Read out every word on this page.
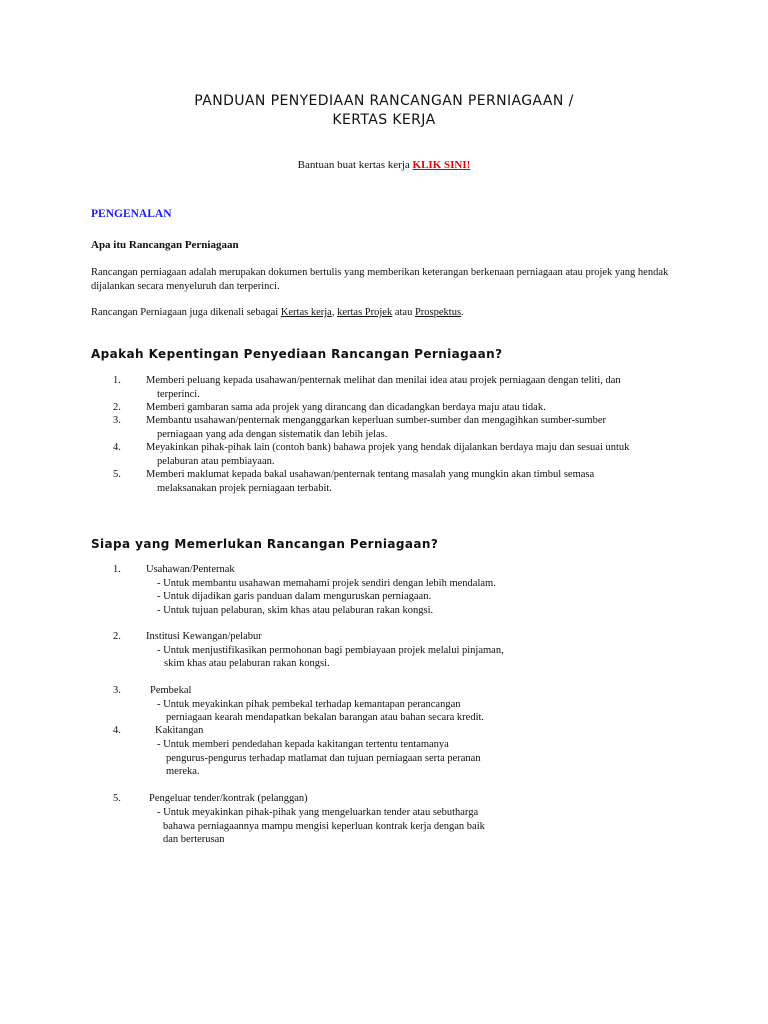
PANDUAN PENYEDIAAN RANCANGAN PERNIAGAAN /
KERTAS KERJA
Bantuan buat kertas kerja KLIK SINI!
PENGENALAN
Apa itu Rancangan Perniagaan
Rancangan perniagaan adalah merupakan dokumen bertulis yang memberikan keterangan berkenaan perniagaan atau projek yang hendak dijalankan secara menyeluruh dan terperinci.
Rancangan Perniagaan juga dikenali sebagai Kertas kerja, kertas Projek atau Prospektus.
Apakah Kepentingan Penyediaan Rancangan Perniagaan?
1. Memberi peluang kepada usahawan/penternak melihat dan menilai idea atau projek perniagaan dengan teliti, dan
terperinci.
2. Memberi gambaran sama ada projek yang dirancang dan dicadangkan berdaya maju atau tidak.
3. Membantu usahawan/penternak menganggarkan keperluan sumber-sumber dan mengagihkan sumber-sumber
perniagaan yang ada dengan sistematik dan lebih jelas.
4. Meyakinkan pihak-pihak lain (contoh bank) bahawa projek yang hendak dijalankan berdaya maju dan sesuai untuk
pelaburan atau pembiayaan.
5. Memberi maklumat kepada bakal usahawan/penternak tentang masalah yang mungkin akan timbul semasa
melaksanakan projek perniagaan terbabit.
Siapa yang Memerlukan Rancangan Perniagaan?
1. Usahawan/Penternak
- Untuk membantu usahawan memahami projek sendiri dengan lebih mendalam.
- Untuk dijadikan garis panduan dalam menguruskan perniagaan.
- Untuk tujuan pelaburan, skim khas atau pelaburan rakan kongsi.
2. Institusi Kewangan/pelabur
- Untuk menjustifikasikan permohonan bagi pembiayaan projek melalui pinjaman,
skim khas atau pelaburan rakan kongsi.
3.	Pembekal
- Untuk meyakinkan pihak pembekal terhadap kemantapan perancangan
perniagaan kearah mendapatkan bekalan barangan atau bahan secara kredit.
4.	Kakitangan
- Untuk memberi pendedahan kepada kakitangan tertentu tentamanya
pengurus-pengurus terhadap matlamat dan tujuan perniagaan serta peranan
mereka.
5.	Pengeluar tender/kontrak (pelanggan)
- Untuk meyakinkan pihak-pihak yang mengeluarkan tender atau sebutharga
bahawa perniagaannya mampu mengisi keperluan kontrak kerja dengan baik
dan berterusan
